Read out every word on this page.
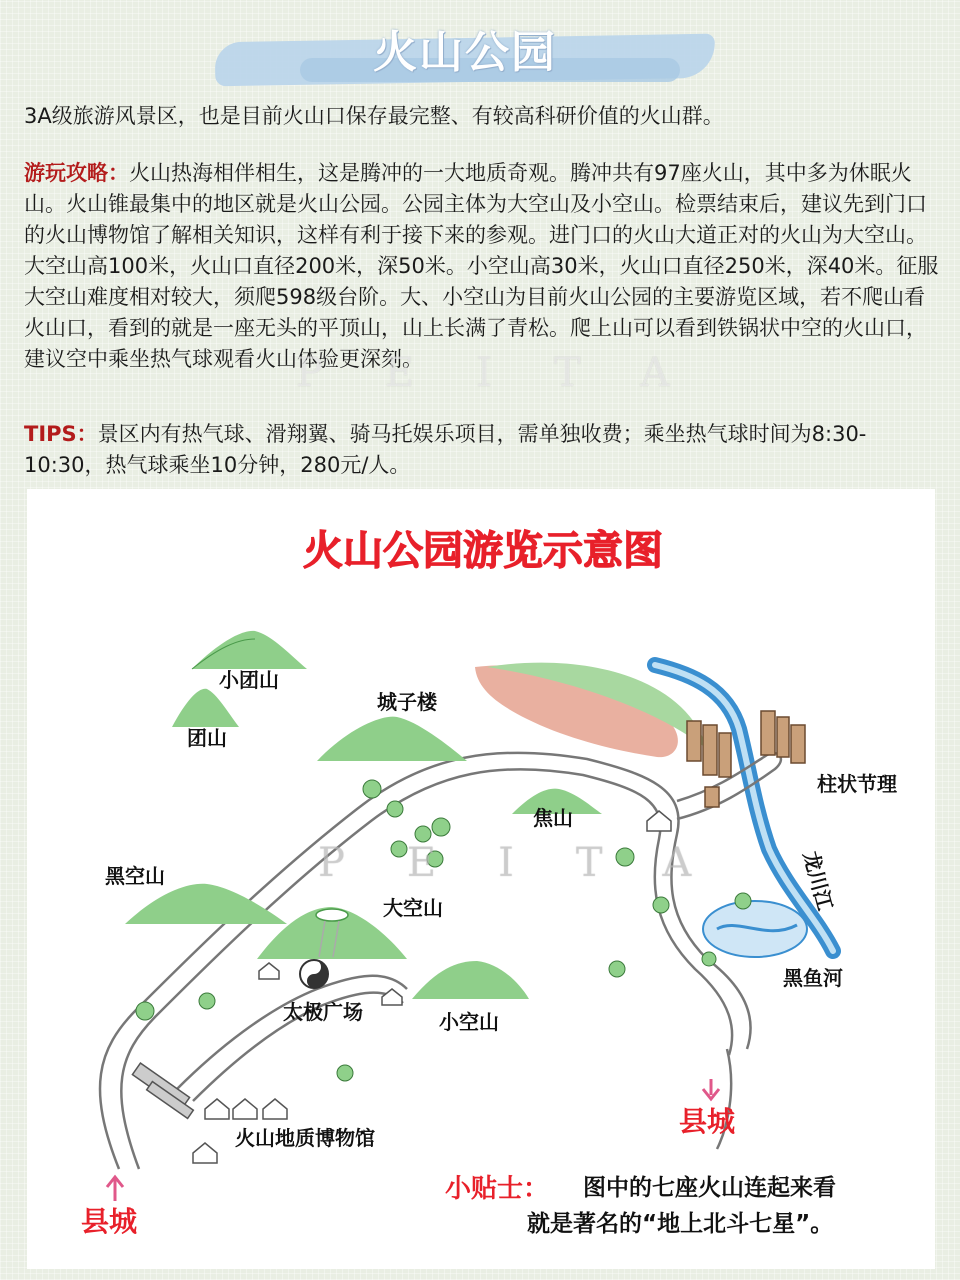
火山公园
3A级旅游风景区，也是目前火山口保存最完整、有较高科研价值的火山群。
游玩攻略：火山热海相伴相生，这是腾冲的一大地质奇观。腾冲共有97座火山，其中多为休眠火山。火山锥最集中的地区就是火山公园。公园主体为大空山及小空山。检票结束后，建议先到门口的火山博物馆了解相关知识，这样有利于接下来的参观。进门口的火山大道正对的火山为大空山。大空山高100米，火山口直径200米，深50米。小空山高30米，火山口直径250米，深40米。征服大空山难度相对较大，须爬598级台阶。大、小空山为目前火山公园的主要游览区域，若不爬山看火山口，看到的就是一座无头的平顶山，山上长满了青松。爬上山可以看到铁锅状中空的火山口，建议空中乘坐热气球观看火山体验更深刻。
TIPS：景区内有热气球、滑翔翼、骑马托娱乐项目，需单独收费；乘坐热气球时间为8:30-10:30，热气球乘坐10分钟，280元/人。
火山公园游览示意图
小团山
团山
城子楼
黑空山
焦山
大空山
太极广场	小空山
火山地质博物馆
柱状节理
龙川江
黑鱼河
县城
县城
小贴士： 图中的七座火山连起来看
就是著名的“地上北斗七星”。
PEITA
PEITA
